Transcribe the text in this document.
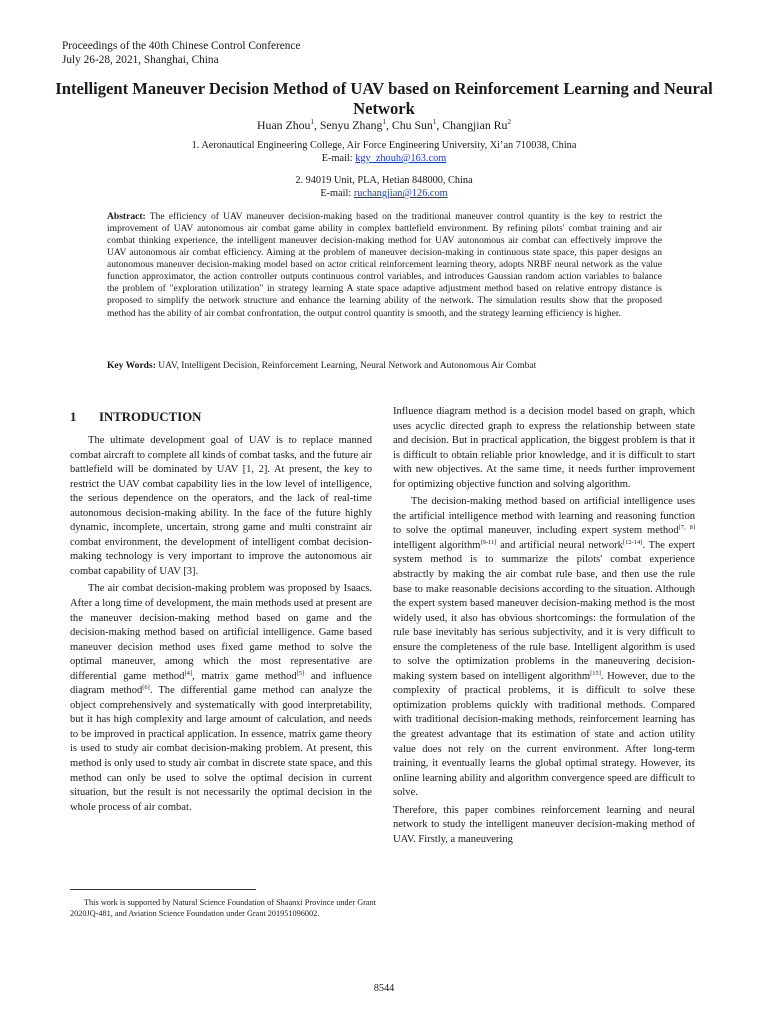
Proceedings of the 40th Chinese Control Conference
July 26-28, 2021, Shanghai, China
Intelligent Maneuver Decision Method of UAV based on Reinforcement Learning and Neural Network
Huan Zhou$^1$, Senyu Zhang$^1$, Chu Sun$^1$, Changjian Ru$^2$
1. Aeronautical Engineering College, Air Force Engineering University, Xi’an 710038, China
E-mail: kgy_zhouh@163.com
2. 94019 Unit, PLA, Hetian 848000, China
E-mail: ruchangjian@126.com
Abstract: The efficiency of UAV maneuver decision-making based on the traditional maneuver control quantity is the key to restrict the improvement of UAV autonomous air combat game ability in complex battlefield environment. By refining pilots' combat training and air combat thinking experience, the intelligent maneuver decision-making method for UAV autonomous air combat can effectively improve the UAV autonomous air combat efficiency. Aiming at the problem of maneuver decision-making in continuous state space, this paper designs an autonomous maneuver decision-making model based on actor critical reinforcement learning theory, adopts NRBF neural network as the value function approximator, the action controller outputs continuous control variables, and introduces Gaussian random action variables to balance the problem of "exploration utilization" in strategy learning A state space adaptive adjustment method based on relative entropy distance is proposed to simplify the network structure and enhance the learning ability of the network. The simulation results show that the proposed method has the ability of air combat confrontation, the output control quantity is smooth, and the strategy learning efficiency is higher.
Key Words: UAV, Intelligent Decision, Reinforcement Learning, Neural Network and Autonomous Air Combat
1 INTRODUCTION

The ultimate development goal of UAV is to replace manned combat aircraft to complete all kinds of combat tasks, and the future air battlefield will be dominated by UAV [1, 2]. At present, the key to restrict the UAV combat capability lies in the low level of intelligence, the serious dependence on the operators, and the lack of real-time autonomous decision-making ability. In the face of the future highly dynamic, incomplete, uncertain, strong game and multi constraint air combat environment, the development of intelligent combat decision-making technology is very important to improve the autonomous air combat capability of UAV [3].

The air combat decision-making problem was proposed by Isaacs. After a long time of development, the main methods used at present are the maneuver decision-making method based on game and the decision-making method based on artificial intelligence. Game based maneuver decision method uses fixed game method to solve the optimal maneuver, among which the most representative are differential game method[4], matrix game method[5] and influence diagram method[6]. The differential game method can analyze the object comprehensively and systematically with good interpretability, but it has high complexity and large amount of calculation, and needs to be improved in practical application. In essence, matrix game theory is used to study air combat decision-making problem. At present, this method is only used to study air combat in discrete state space, and this method can only be used to solve the optimal decision in current situation, but the result is not necessarily the optimal decision in the whole process of air combat.

Influence diagram method is a decision model based on graph, which uses acyclic directed graph to express the relationship between state and decision. But in practical application, the biggest problem is that it is difficult to obtain reliable prior knowledge, and it is difficult to start with new objectives. At the same time, it needs further improvement for optimizing objective function and solving algorithm.

The decision-making method based on artificial intelligence uses the artificial intelligence method with learning and reasoning function to solve the optimal maneuver, including expert system method[7, 8] intelligent algorithm[9-11] and artificial neural network[12-14]. The expert system method is to summarize the pilots' combat experience abstractly by making the air combat rule base, and then use the rule base to make reasonable decisions according to the situation. Although the expert system based maneuver decision-making method is the most widely used, it also has obvious shortcomings: the formulation of the rule base inevitably has serious subjectivity, and it is very difficult to ensure the completeness of the rule base. Intelligent algorithm is used to solve the optimization problems in the maneuvering decision-making system based on intelligent algorithm[15]. However, due to the complexity of practical problems, it is difficult to solve these optimization problems quickly with traditional methods. Compared with traditional decision-making methods, reinforcement learning has the greatest advantage that its estimation of state and action utility value does not rely on the current environment. After long-term training, it eventually learns the global optimal strategy. However, its online learning ability and algorithm convergence speed are difficult to solve.

Therefore, this paper combines reinforcement learning and neural network to study the intelligent maneuver decision-making method of UAV. Firstly, a maneuvering

This work is supported by Natural Science Foundation of Shaanxi Province under Grant 2020JQ-481, and Aviation Science Foundation under Grant 201951096002.
8544
